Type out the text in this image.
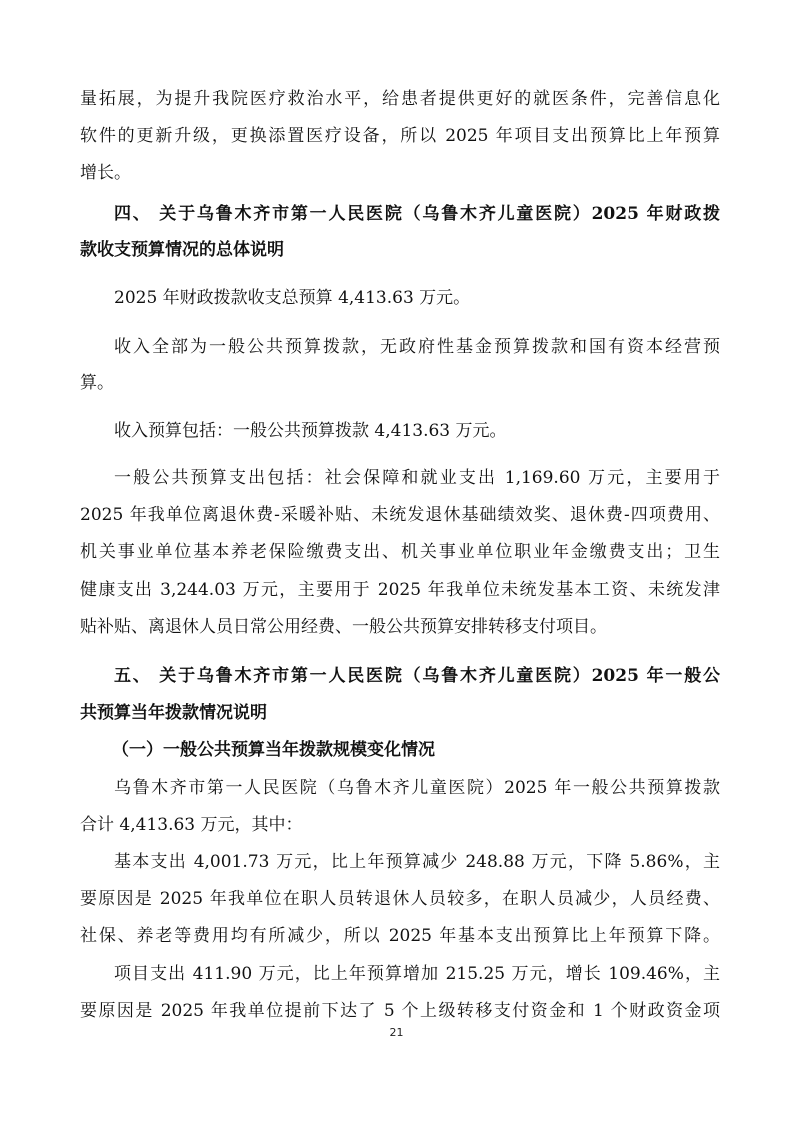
量拓展，为提升我院医疗救治水平，给患者提供更好的就医条件，完善信息化
软件的更新升级，更换添置医疗设备，所以 2025 年项目支出预算比上年预算
增长。
四、 关于乌鲁木齐市第一人民医院（乌鲁木齐儿童医院）2025 年财政拨
款收支预算情况的总体说明
2025 年财政拨款收支总预算 4,413.63 万元。
收入全部为一般公共预算拨款，无政府性基金预算拨款和国有资本经营预
算。
收入预算包括：一般公共预算拨款 4,413.63 万元。
一般公共预算支出包括：社会保障和就业支出 1,169.60 万元，主要用于
2025 年我单位离退休费-采暖补贴、未统发退休基础绩效奖、退休费-四项费用、
机关事业单位基本养老保险缴费支出、机关事业单位职业年金缴费支出；卫生
健康支出 3,244.03 万元，主要用于 2025 年我单位未统发基本工资、未统发津
贴补贴、离退休人员日常公用经费、一般公共预算安排转移支付项目。
五、 关于乌鲁木齐市第一人民医院（乌鲁木齐儿童医院）2025 年一般公
共预算当年拨款情况说明
（一）一般公共预算当年拨款规模变化情况
乌鲁木齐市第一人民医院（乌鲁木齐儿童医院）2025 年一般公共预算拨款
合计 4,413.63 万元，其中：
基本支出 4,001.73 万元，比上年预算减少 248.88 万元，下降 5.86%，主
要原因是 2025 年我单位在职人员转退休人员较多，在职人员减少，人员经费、
社保、养老等费用均有所减少，所以 2025 年基本支出预算比上年预算下降。
项目支出 411.90 万元，比上年预算增加 215.25 万元，增长 109.46%，主
要原因是 2025 年我单位提前下达了 5 个上级转移支付资金和 1 个财政资金项
21
